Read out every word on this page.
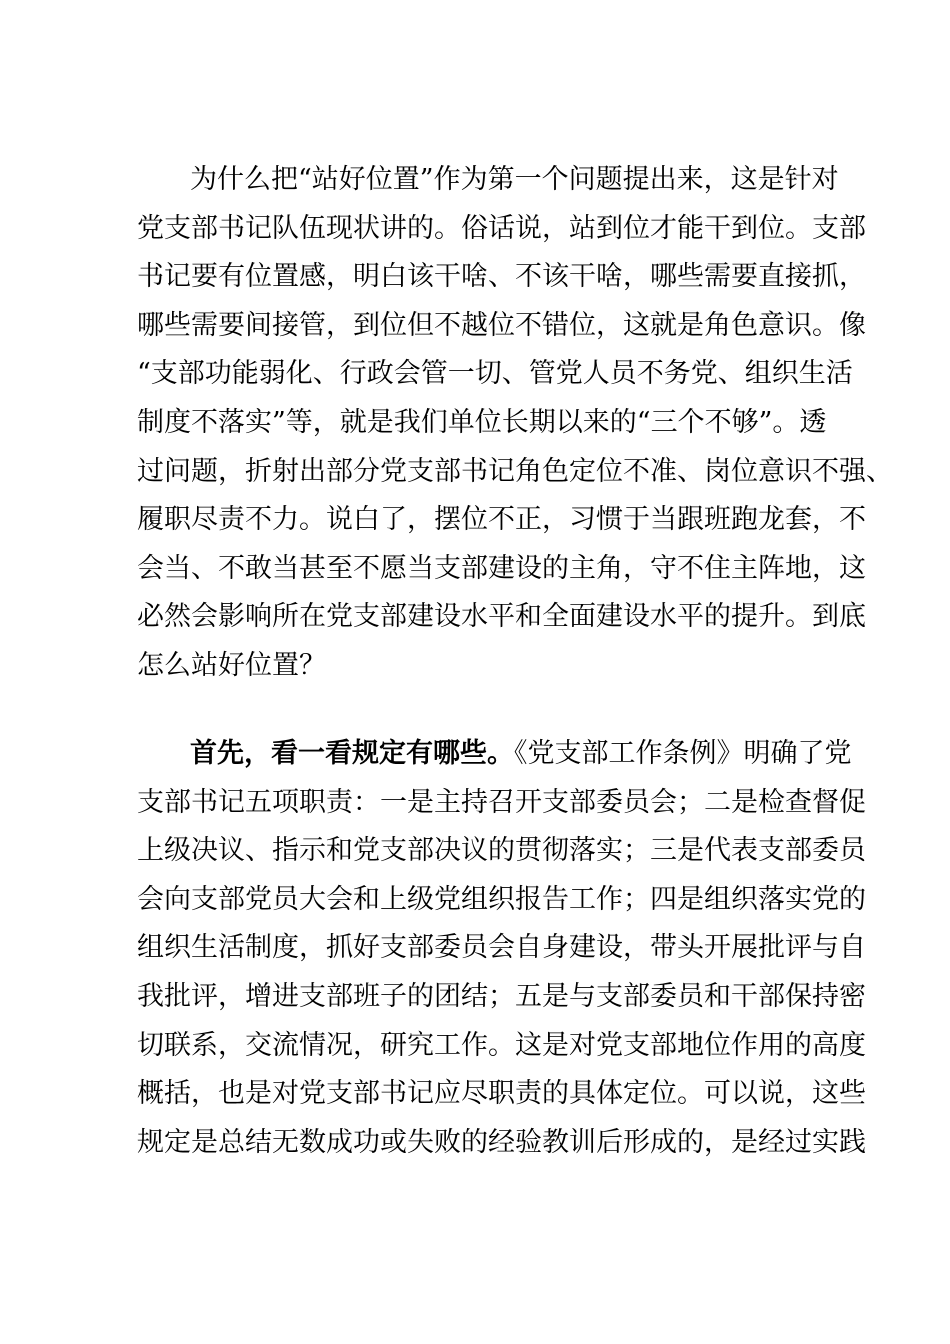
为什么把“站好位置”作为第一个问题提出来，这是针对
党支部书记队伍现状讲的。俗话说，站到位才能干到位。支部
书记要有位置感，明白该干啥、不该干啥，哪些需要直接抓，
哪些需要间接管，到位但不越位不错位，这就是角色意识。像
“支部功能弱化、行政会管一切、管党人员不务党、组织生活
制度不落实”等，就是我们单位长期以来的“三个不够”。透
过问题，折射出部分党支部书记角色定位不准、岗位意识不强、
履职尽责不力。说白了，摆位不正，习惯于当跟班跑龙套，不
会当、不敢当甚至不愿当支部建设的主角，守不住主阵地，这
必然会影响所在党支部建设水平和全面建设水平的提升。到底
怎么站好位置？
首先，看一看规定有哪些。《党支部工作条例》明确了党
支部书记五项职责：一是主持召开支部委员会；二是检查督促
上级决议、指示和党支部决议的贯彻落实；三是代表支部委员
会向支部党员大会和上级党组织报告工作；四是组织落实党的
组织生活制度，抓好支部委员会自身建设，带头开展批评与自
我批评，增进支部班子的团结；五是与支部委员和干部保持密
切联系，交流情况，研究工作。这是对党支部地位作用的高度
概括，也是对党支部书记应尽职责的具体定位。可以说，这些
规定是总结无数成功或失败的经验教训后形成的，是经过实践
